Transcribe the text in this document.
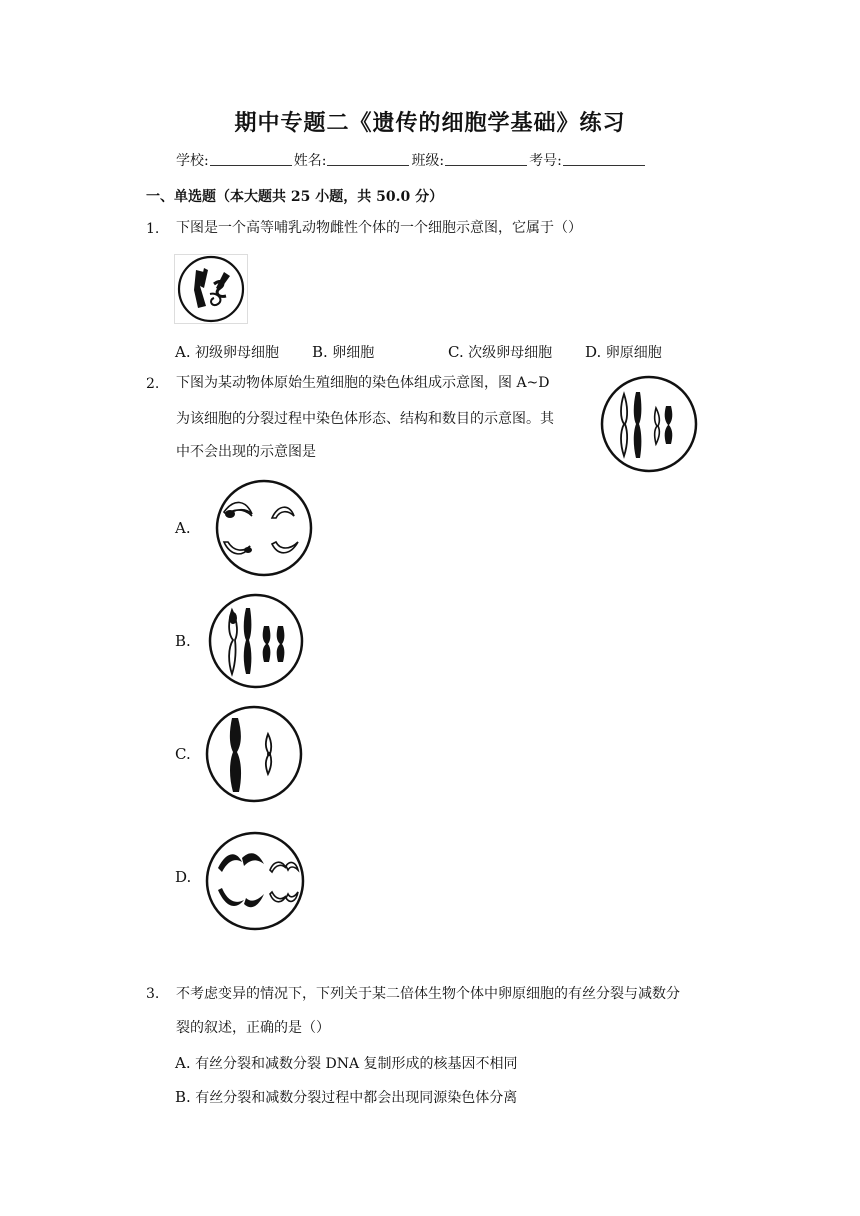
期中专题二《遗传的细胞学基础》练习
学校:	姓名:	班级:	考号:
一、单选题（本大题共 25 小题，共 50.0 分）
1. 下图是一个高等哺乳动物雌性个体的一个细胞示意图，它属于（）
A. 初级卵母细胞 B. 卵细胞	C. 次级卵母细胞 D. 卵原细胞
2. 下图为某动物体原始生殖细胞的染色体组成示意图，图 A~D
为该细胞的分裂过程中染色体形态、结构和数目的示意图。其
中不会出现的示意图是
A.
B.
C.
D.
3. 不考虑变异的情况下，下列关于某二倍体生物个体中卵原细胞的有丝分裂与减数分
裂的叙述，正确的是（）
A. 有丝分裂和减数分裂 DNA 复制形成的核基因不相同
B. 有丝分裂和减数分裂过程中都会出现同源染色体分离
